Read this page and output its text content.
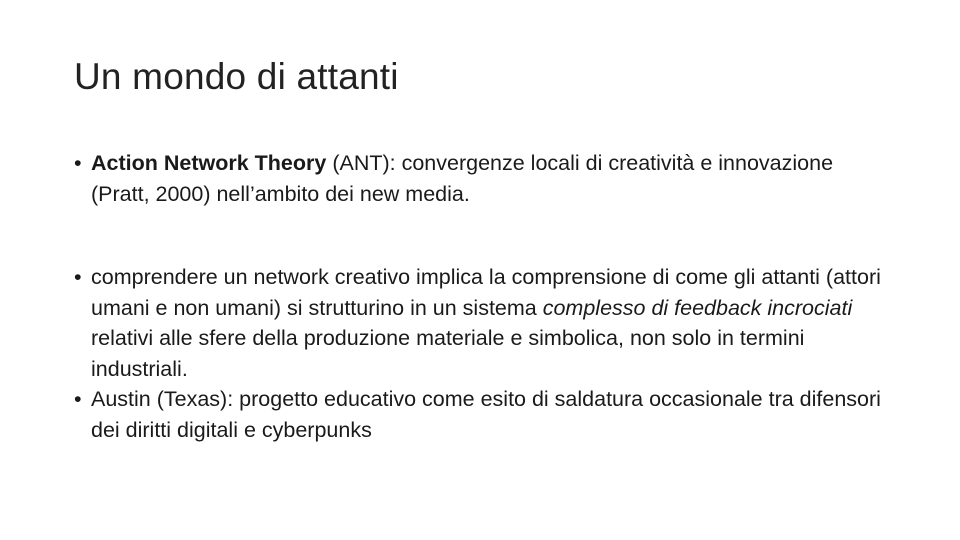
Un mondo di attanti
• Action Network Theory (ANT): convergenze locali di creatività e innovazione (Pratt, 2000) nell’ambito dei new media.
• comprendere un network creativo implica la comprensione di come gli attanti (attori umani e non umani) si strutturino in un sistema complesso di feedback incrociati relativi alle sfere della produzione materiale e simbolica, non solo in termini industriali.
• Austin (Texas): progetto educativo come esito di saldatura occasionale tra difensori dei diritti digitali e cyberpunks
